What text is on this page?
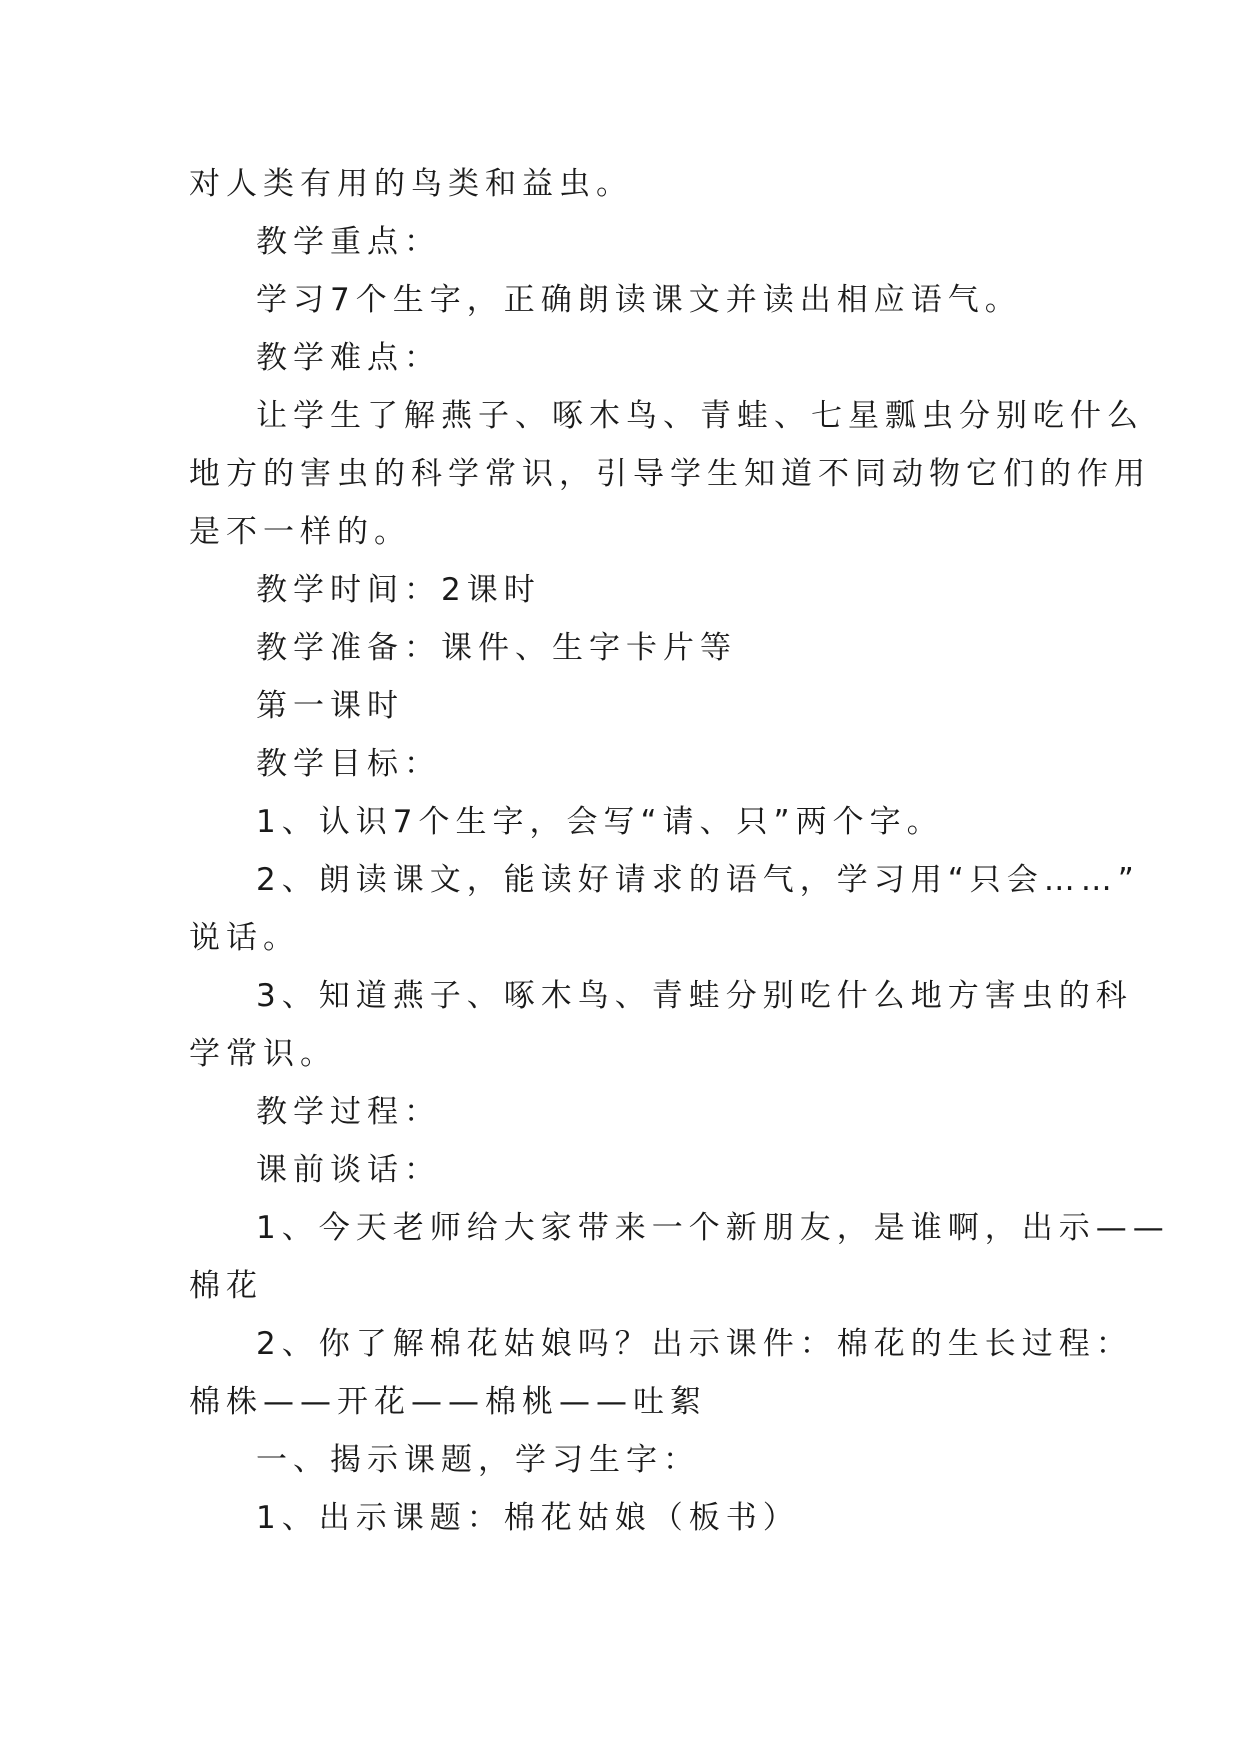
对人类有用的鸟类和益虫。

教学重点：

学习7个生字，正确朗读课文并读出相应语气。

教学难点：

让学生了解燕子、啄木鸟、青蛙、七星瓢虫分别吃什么

地方的害虫的科学常识，引导学生知道不同动物它们的作用

是不一样的。

教学时间：2课时

教学准备：课件、生字卡片等

第一课时

教学目标：

1、认识7个生字，会写“请、只”两个字。

2、朗读课文，能读好请求的语气，学习用“只会……”

说话。

3、知道燕子、啄木鸟、青蛙分别吃什么地方害虫的科

学常识。

教学过程：

课前谈话：

1、今天老师给大家带来一个新朋友，是谁啊，出示——

棉花

2、你了解棉花姑娘吗？出示课件：棉花的生长过程：

棉株——开花——棉桃——吐絮

一、揭示课题，学习生字：

1、出示课题：棉花姑娘（板书）
